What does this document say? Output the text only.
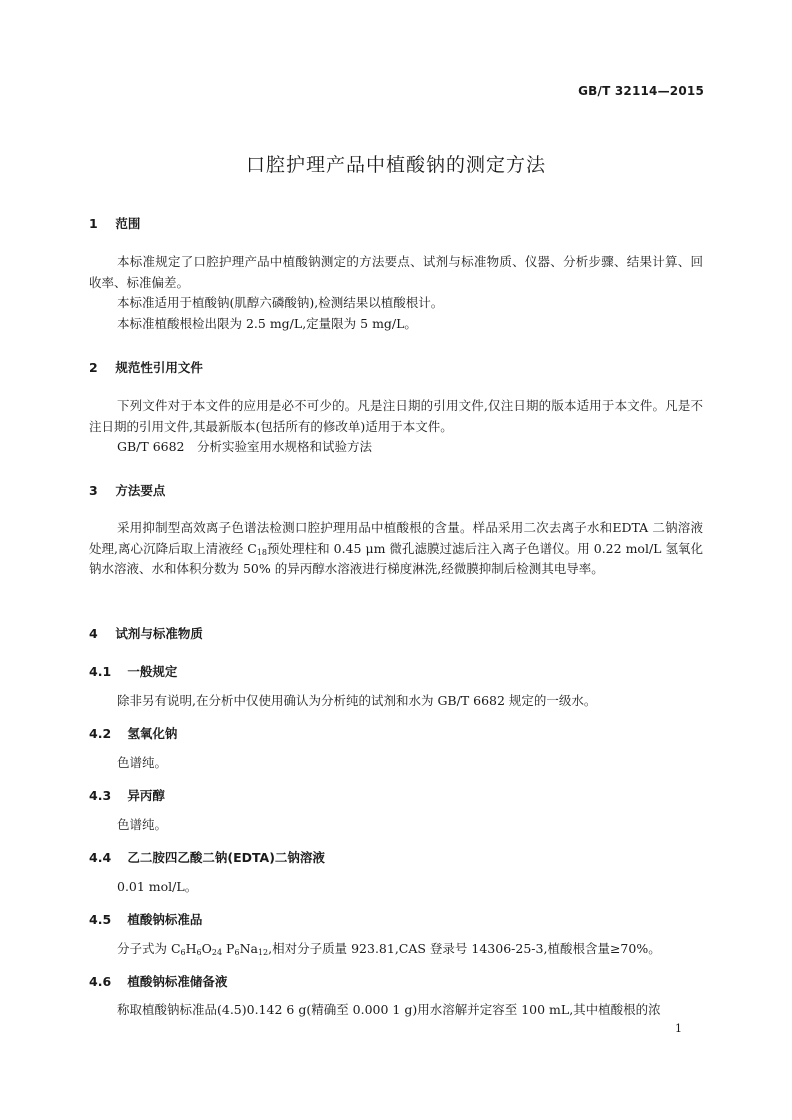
GB/T 32114—2015
口腔护理产品中植酸钠的测定方法
1 范围
本标准规定了口腔护理产品中植酸钠测定的方法要点、试剂与标准物质、仪器、分析步骤、结果计算、回收率、标准偏差。
本标准适用于植酸钠(肌醇六磷酸钠),检测结果以植酸根计。
本标准植酸根检出限为 2.5 mg/L,定量限为 5 mg/L。
2 规范性引用文件
下列文件对于本文件的应用是必不可少的。凡是注日期的引用文件,仅注日期的版本适用于本文件。凡是不注日期的引用文件,其最新版本(包括所有的修改单)适用于本文件。
GB/T 6682　分析实验室用水规格和试验方法
3 方法要点
采用抑制型高效离子色谱法检测口腔护理用品中植酸根的含量。样品采用二次去离子水和EDTA 二钠溶液处理,离心沉降后取上清液经 $C_{18}$预处理柱和 0.45 μm 微孔滤膜过滤后注入离子色谱仪。用 0.22 mol/L 氢氧化钠水溶液、水和体积分数为 50% 的异丙醇水溶液进行梯度淋洗,经微膜抑制后检测其电导率。
4 试剂与标准物质
4.1 一般规定
除非另有说明,在分析中仅使用确认为分析纯的试剂和水为 GB/T 6682 规定的一级水。
4.2 氢氧化钠
色谱纯。
4.3 异丙醇
色谱纯。
4.4 乙二胺四乙酸二钠(EDTA)二钠溶液
0.01 mol/L。
4.5 植酸钠标准品
分子式为 $C_6H_6O_{24}$ $P_6Na_{12}$,相对分子质量 923.81,CAS 登录号 14306-25-3,植酸根含量≥70%。
4.6 植酸钠标准储备液
称取植酸钠标准品(4.5)0.142 6 g(精确至 0.000 1 g)用水溶解并定容至 100 mL,其中植酸根的浓
1
